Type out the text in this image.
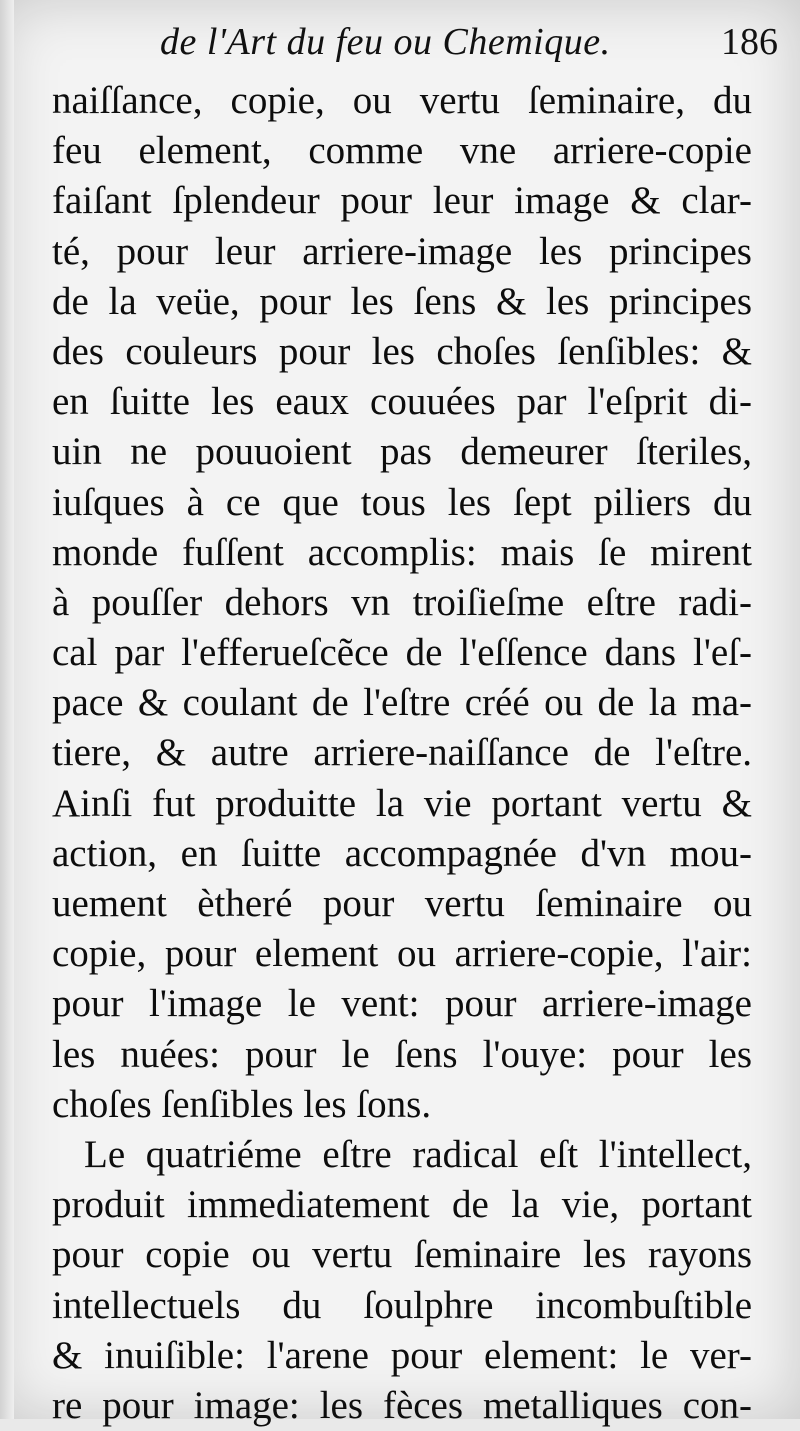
de l'Art du feu ou Chemique.	186
naiſſance, copie, ou vertu ſeminaire, du
feu element, comme vne arriere-copie
faiſant ſplendeur pour leur image & clar-
té, pour leur arriere-image les principes
de la veüe, pour les ſens & les principes
des couleurs pour les choſes ſenſibles: &
en ſuitte les eaux couuées par l'eſprit di-
uin ne pouuoient pas demeurer ſteriles,
iuſques à ce que tous les ſept piliers du
monde fuſſent accomplis: mais ſe mirent
à pouſſer dehors vn troiſieſme eſtre radi-
cal par l'efferueſcẽce de l'eſſence dans l'eſ-
pace & coulant de l'eſtre créé ou de la ma-
tiere, & autre arriere-naiſſance de l'eſtre.
Ainſi fut produitte la vie portant vertu &
action, en ſuitte accompagnée d'vn mou-
uement ètheré pour vertu ſeminaire ou
copie, pour element ou arriere-copie, l'air:
pour l'image le vent: pour arriere-image
les nuées: pour le ſens l'ouye: pour les
choſes ſenſibles les ſons.
Le quatriéme eſtre radical eſt l'intellect,
produit immediatement de la vie, portant
pour copie ou vertu ſeminaire les rayons
intellectuels du ſoulphre incombuſtible
& inuiſible: l'arene pour element: le ver-
re pour image: les fèces metalliques con-
